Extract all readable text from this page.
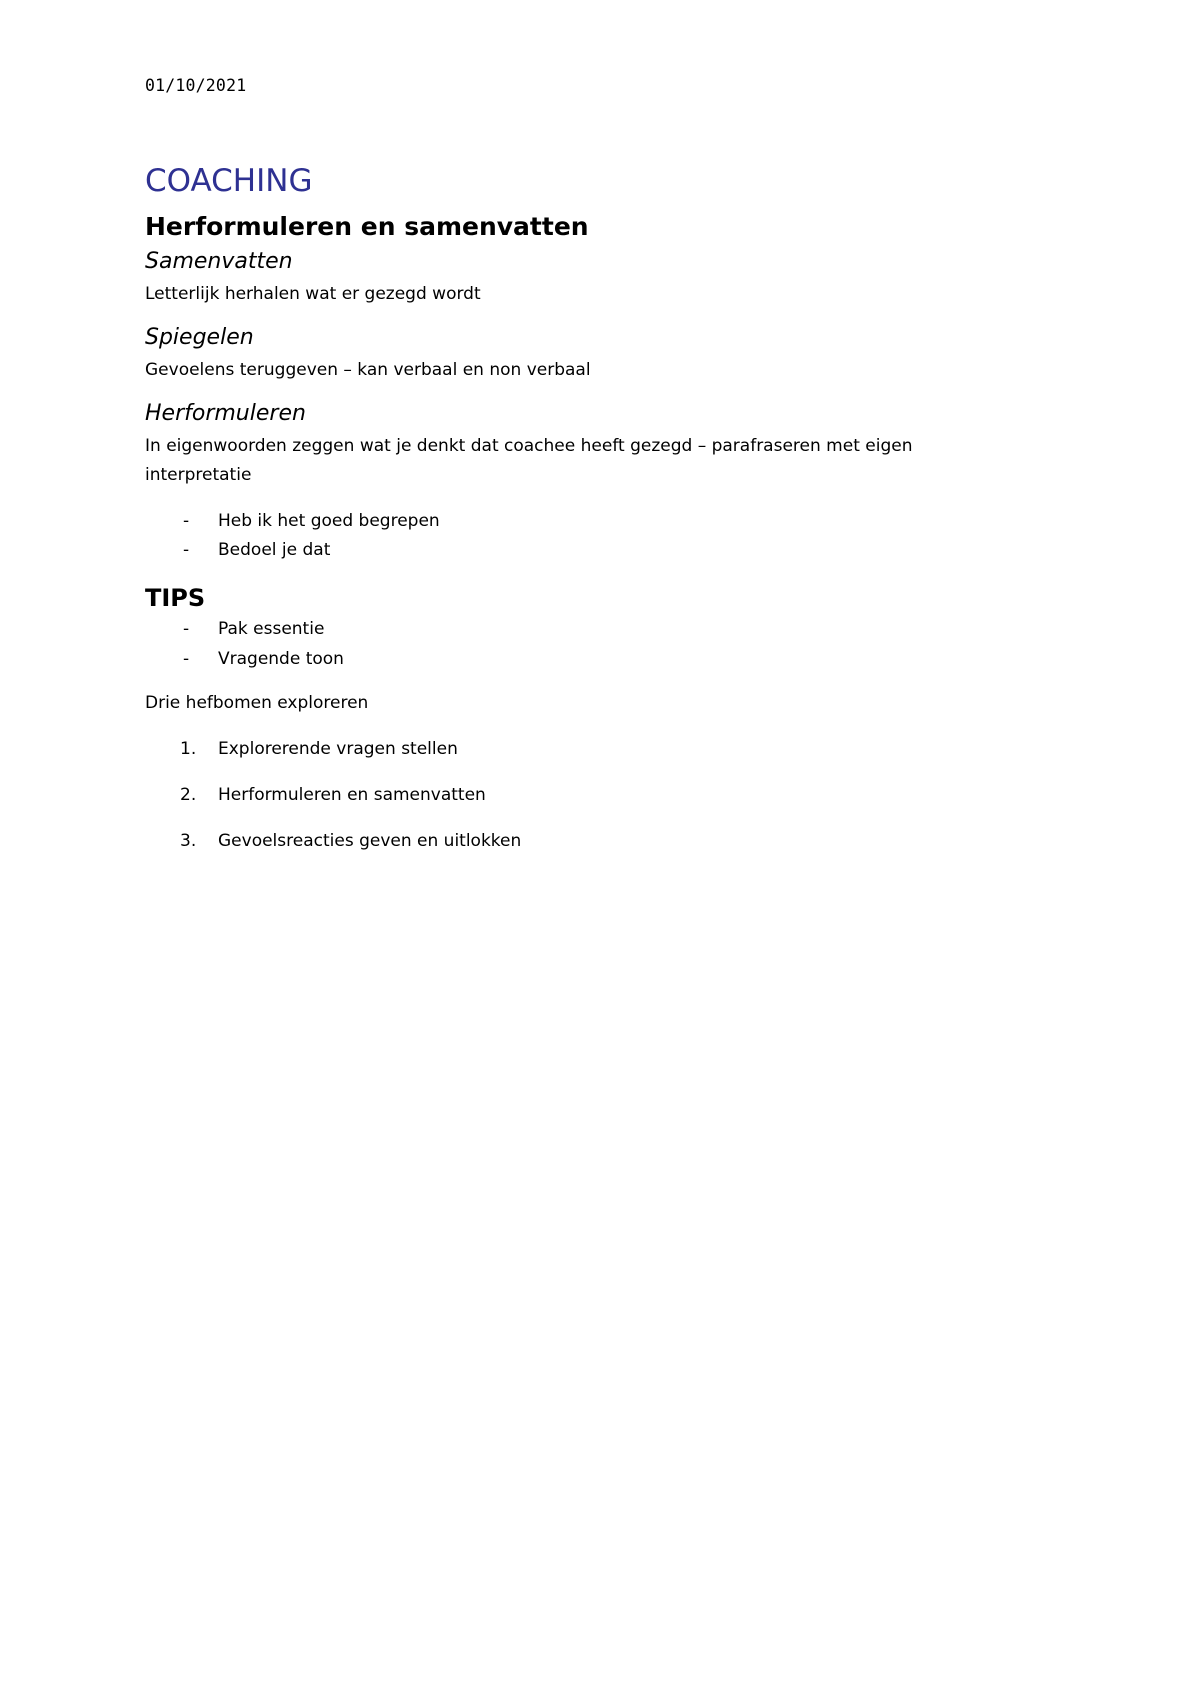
01/10/2021
COACHING
Herformuleren en samenvatten
Samenvatten
Letterlijk herhalen wat er gezegd wordt
Spiegelen
Gevoelens teruggeven – kan verbaal en non verbaal
Herformuleren
In eigenwoorden zeggen wat je denkt dat coachee heeft gezegd – parafraseren met eigen
interpretatie
- Heb ik het goed begrepen
- Bedoel je dat
TIPS
- Pak essentie
- Vragende toon
Drie hefbomen exploreren
1. Explorerende vragen stellen
2. Herformuleren en samenvatten
3. Gevoelsreacties geven en uitlokken
